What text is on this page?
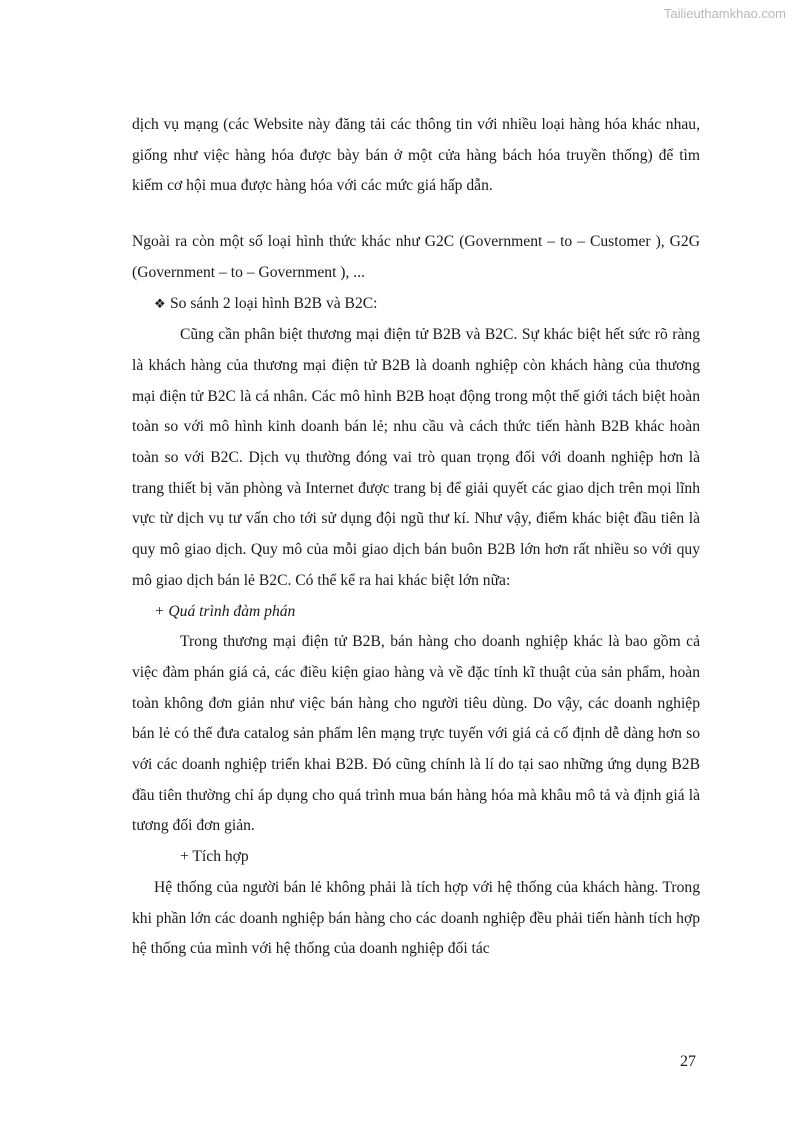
Tailieuthamkhao.com

dịch vụ mạng (các Website này đăng tải các thông tin với nhiều loại hàng hóa khác nhau, giống như việc hàng hóa được bày bán ở một cửa hàng bách hóa truyền thống) để tìm kiếm cơ hội mua được hàng hóa với các mức giá hấp dẫn.

Ngoài ra còn một số loại hình thức khác như G2C (Government – to – Customer ), G2G (Government – to – Government ), ...

❖ So sánh 2 loại hình B2B và B2C:

Cũng cần phân biệt thương mại điện tử B2B và B2C. Sự khác biệt hết sức rõ ràng là khách hàng của thương mại điện tử B2B là doanh nghiệp còn khách hàng của thương mại điện tử B2C là cá nhân. Các mô hình B2B hoạt động trong một thế giới tách biệt hoàn toàn so với mô hình kinh doanh bán lẻ; nhu cầu và cách thức tiến hành B2B khác hoàn toàn so với B2C. Dịch vụ thường đóng vai trò quan trọng đối với doanh nghiệp hơn là trang thiết bị văn phòng và Internet được trang bị để giải quyết các giao dịch trên mọi lĩnh vực từ dịch vụ tư vấn cho tới sử dụng đội ngũ thư kí. Như vậy, điểm khác biệt đầu tiên là quy mô giao dịch. Quy mô của mỗi giao dịch bán buôn B2B lớn hơn rất nhiều so với quy mô giao dịch bán lẻ B2C. Có thể kể ra hai khác biệt lớn nữa:

+ Quá trình đàm phán

Trong thương mại điện tử B2B, bán hàng cho doanh nghiệp khác là bao gồm cả việc đàm phán giá cả, các điều kiện giao hàng và về đặc tính kĩ thuật của sản phẩm, hoàn toàn không đơn giản như việc bán hàng cho người tiêu dùng. Do vậy, các doanh nghiệp bán lẻ có thể đưa catalog sản phẩm lên mạng trực tuyến với giá cả cố định dễ dàng hơn so với các doanh nghiệp triển khai B2B. Đó cũng chính là lí do tại sao những ứng dụng B2B đầu tiên thường chỉ áp dụng cho quá trình mua bán hàng hóa mà khâu mô tả và định giá là tương đối đơn giản.

+ Tích hợp

Hệ thống của người bán lẻ không phải là tích hợp với hệ thống của khách hàng. Trong khi phần lớn các doanh nghiệp bán hàng cho các doanh nghiệp đều phải tiến hành tích hợp hệ thống của mình với hệ thống của doanh nghiệp đối tác

27
